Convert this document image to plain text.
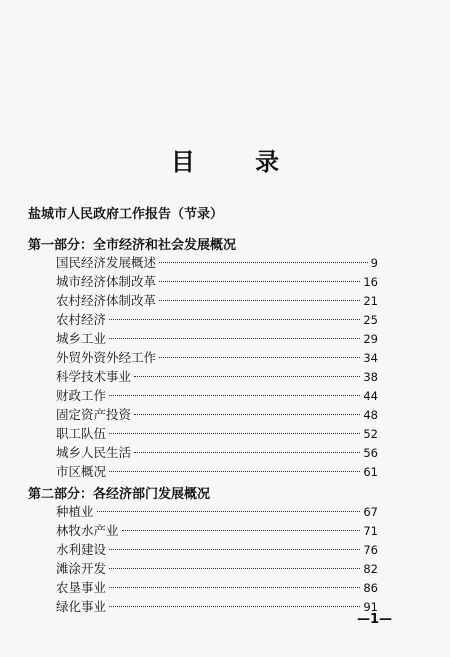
目 录
盐城市人民政府工作报告（节录）
第一部分：全市经济和社会发展概况
国民经济发展概述	9
城市经济体制改革	16
农村经济体制改革	21
农村经济	25
城乡工业	29
外贸外资外经工作	34
科学技术事业	38
财政工作	44
固定资产投资	48
职工队伍	52
城乡人民生活	56
市区概况	61
第二部分：各经济部门发展概况
种植业	67
林牧水产业	71
水利建设	76
滩涂开发	82
农垦事业	86
绿化事业	91
—1—
